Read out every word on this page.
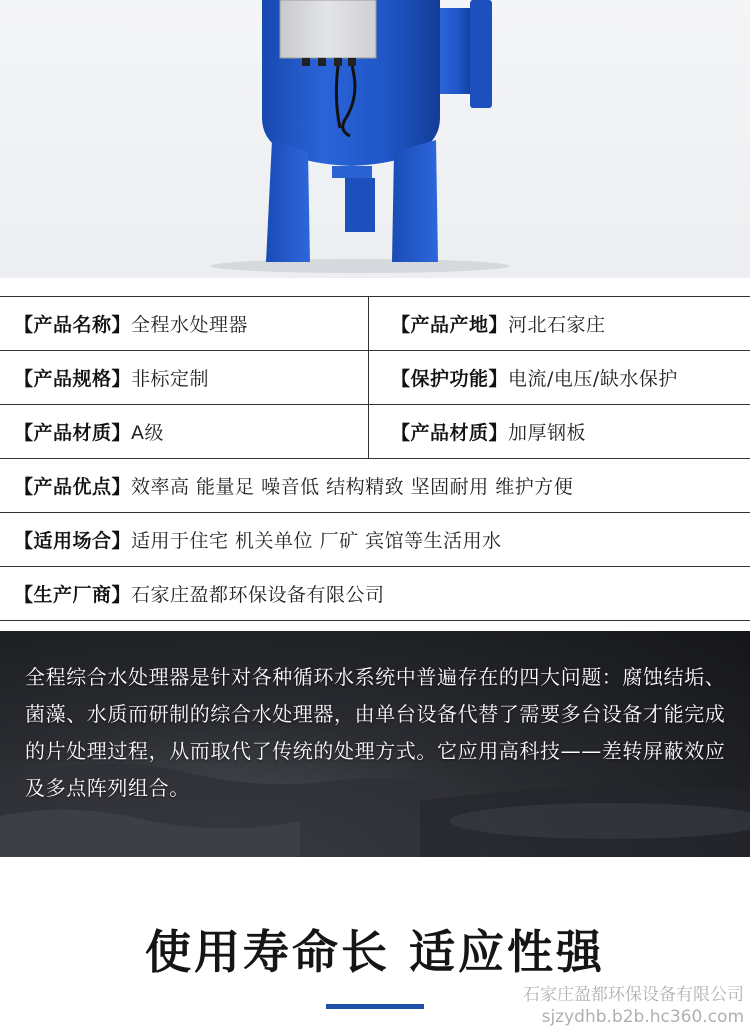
【产品名称】 全程水处理器	【产品产地】 河北石家庄
【产品规格】 非标定制	【保护功能】 电流/电压/缺水保护
【产品材质】 A级	【产品材质】 加厚钢板
【产品优点】 效率高 能量足 噪音低 结构精致 坚固耐用 维护方便
【适用场合】 适用于住宅 机关单位 厂矿 宾馆等生活用水
【生产厂商】 石家庄盈都环保设备有限公司

全程综合水处理器是针对各种循环水系统中普遍存在的四大问题：腐蚀结垢、菌藻、水质而研制的综合水处理器，由单台设备代替了需要多台设备才能完成的片处理过程，从而取代了传统的处理方式。它应用高科技——差转屏蔽效应及多点阵列组合。

使用寿命长 适应性强
石家庄盈都环保设备有限公司
sjzydhb.b2b.hc360.com
